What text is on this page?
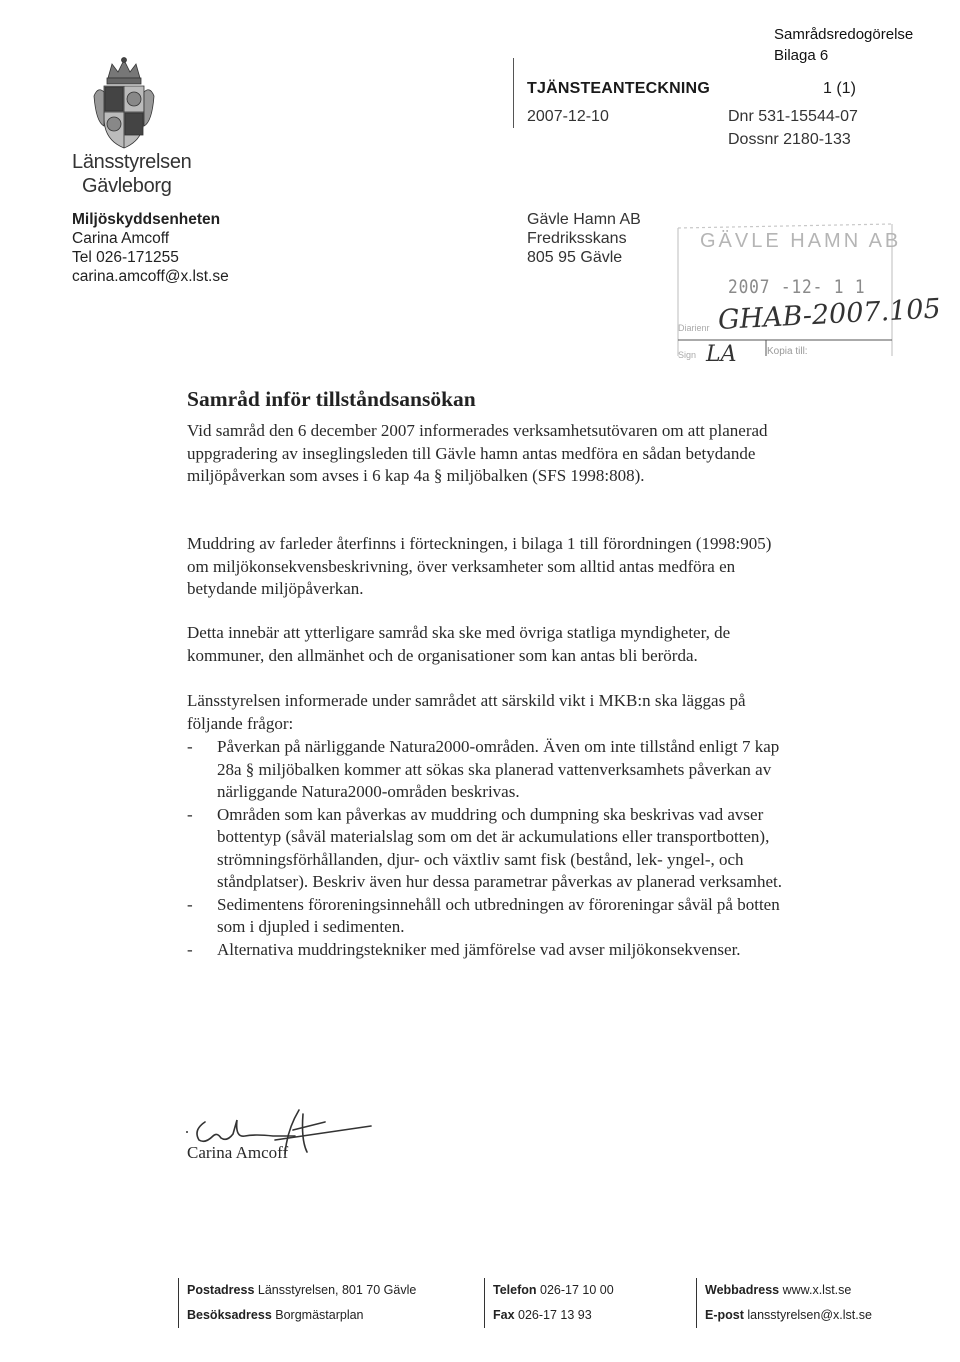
Samrådsredogörelse
Bilaga 6
Länsstyrelsen
Gävleborg
Miljöskyddsenheten
Carina Amcoff
Tel 026-171255
carina.amcoff@x.lst.se
TJÄNSTEANTECKNING	1 (1)
2007-12-10	Dnr 531-15544-07
Dossnr 2180-133
Gävle Hamn AB
Fredriksskans
805 95 Gävle
GÄVLE HAMN AB
2007 -12- 1 1
Diarienr GHAB-2007.105
Sign LA	Kopia till:
Samråd inför tillståndsansökan
Vid samråd den 6 december 2007 informerades verksamhetsutövaren om att planerad uppgradering av inseglingsleden till Gävle hamn antas medföra en sådan betydande miljöpåverkan som avses i 6 kap 4a § miljöbalken (SFS 1998:808).
Muddring av farleder återfinns i förteckningen, i bilaga 1 till förordningen (1998:905) om miljökonsekvensbeskrivning, över verksamheter som alltid antas medföra en betydande miljöpåverkan.
Detta innebär att ytterligare samråd ska ske med övriga statliga myndigheter, de kommuner, den allmänhet och de organisationer som kan antas bli berörda.
Länsstyrelsen informerade under samrådet att särskild vikt i MKB:n ska läggas på följande frågor:
- Påverkan på närliggande Natura2000-områden. Även om inte tillstånd enligt 7 kap 28a § miljöbalken kommer att sökas ska planerad vattenverksamhets påverkan av närliggande Natura2000-områden beskrivas.
- Områden som kan påverkas av muddring och dumpning ska beskrivas vad avser bottentyp (såväl materialslag som om det är ackumulations eller transportbotten), strömningsförhållanden, djur- och växtliv samt fisk (bestånd, lek- yngel-, och ståndplatser). Beskriv även hur dessa parametrar påverkas av planerad verksamhet.
- Sedimentens föroreningsinnehåll och utbredningen av föroreningar såväl på botten som i djupled i sedimenten.
- Alternativa muddringstekniker med jämförelse vad avser miljökonsekvenser.
Carina Amcoff
Postadress Länsstyrelsen, 801 70 Gävle
Besöksadress Borgmästarplan
Telefon 026-17 10 00
Fax 026-17 13 93
Webbadress www.x.lst.se
E-post lansstyrelsen@x.lst.se
